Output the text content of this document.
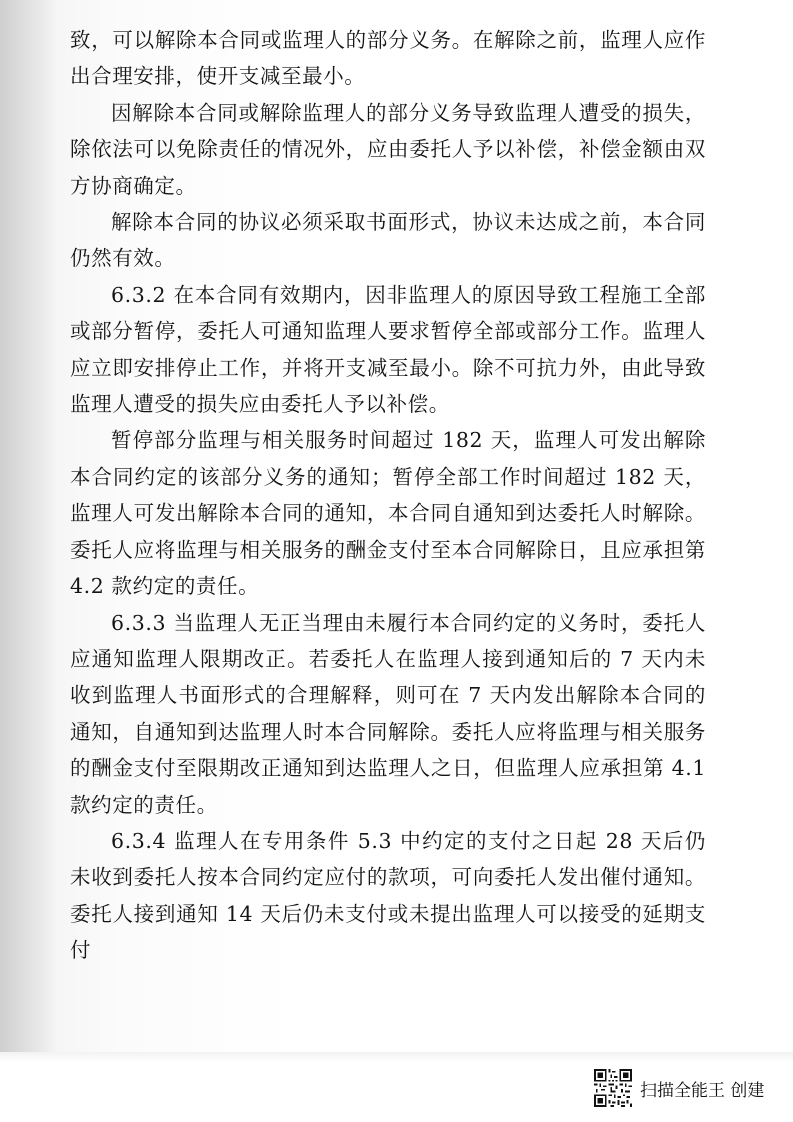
致，可以解除本合同或监理人的部分义务。在解除之前，监理人应作出合理安排，使开支减至最小。

因解除本合同或解除监理人的部分义务导致监理人遭受的损失，除依法可以免除责任的情况外，应由委托人予以补偿，补偿金额由双方协商确定。

解除本合同的协议必须采取书面形式，协议未达成之前，本合同仍然有效。

6.3.2 在本合同有效期内，因非监理人的原因导致工程施工全部或部分暂停，委托人可通知监理人要求暂停全部或部分工作。监理人应立即安排停止工作，并将开支减至最小。除不可抗力外，由此导致监理人遭受的损失应由委托人予以补偿。

暂停部分监理与相关服务时间超过 182 天，监理人可发出解除本合同约定的该部分义务的通知；暂停全部工作时间超过 182 天，监理人可发出解除本合同的通知，本合同自通知到达委托人时解除。委托人应将监理与相关服务的酬金支付至本合同解除日，且应承担第 4.2 款约定的责任。

6.3.3 当监理人无正当理由未履行本合同约定的义务时，委托人应通知监理人限期改正。若委托人在监理人接到通知后的 7 天内未收到监理人书面形式的合理解释，则可在 7 天内发出解除本合同的通知，自通知到达监理人时本合同解除。委托人应将监理与相关服务的酬金支付至限期改正通知到达监理人之日，但监理人应承担第 4.1 款约定的责任。

6.3.4 监理人在专用条件 5.3 中约定的支付之日起 28 天后仍未收到委托人按本合同约定应付的款项，可向委托人发出催付通知。委托人接到通知 14 天后仍未支付或未提出监理人可以接受的延期支付

扫描全能王 创建
